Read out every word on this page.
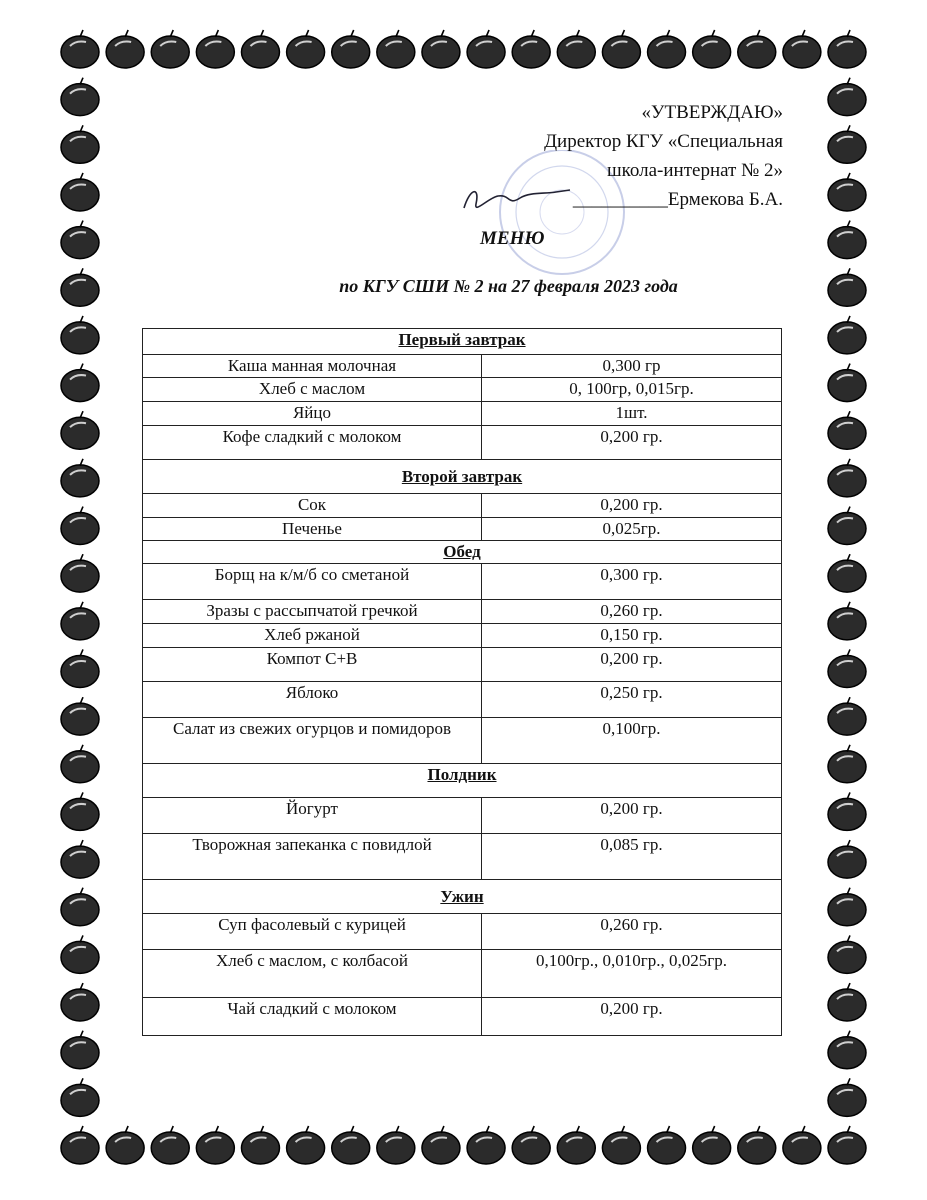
«УТВЕРЖДАЮ»
Директор КГУ «Специальная
школа-интернат № 2»
__________Ермекова Б.А.
МЕНЮ
по КГУ СШИ № 2 на 27 февраля 2023 года
Первый завтрак	
Каша манная молочная	0,300 гр
Хлеб с маслом	0, 100гр, 0,015гр.
Яйцо	1шт.
Кофе сладкий с молоком	0,200 гр.
Второй завтрак	
Сок	0,200 гр.
Печенье	0,025гр.
Обед	
Борщ на к/м/б со сметаной	0,300 гр.
Зразы с рассыпчатой гречкой	0,260 гр.
Хлеб ржаной	0,150 гр.
Компот С+В	0,200 гр.
Яблоко	0,250 гр.
Салат из свежих огурцов и помидоров	0,100гр.
Полдник	
Йогурт	0,200 гр.
Творожная запеканка с повидлой	0,085 гр.
Ужин	
Суп фасолевый с курицей	0,260 гр.
Хлеб с маслом, с колбасой	0,100гр., 0,010гр., 0,025гр.
Чай сладкий с молоком	0,200 гр.
